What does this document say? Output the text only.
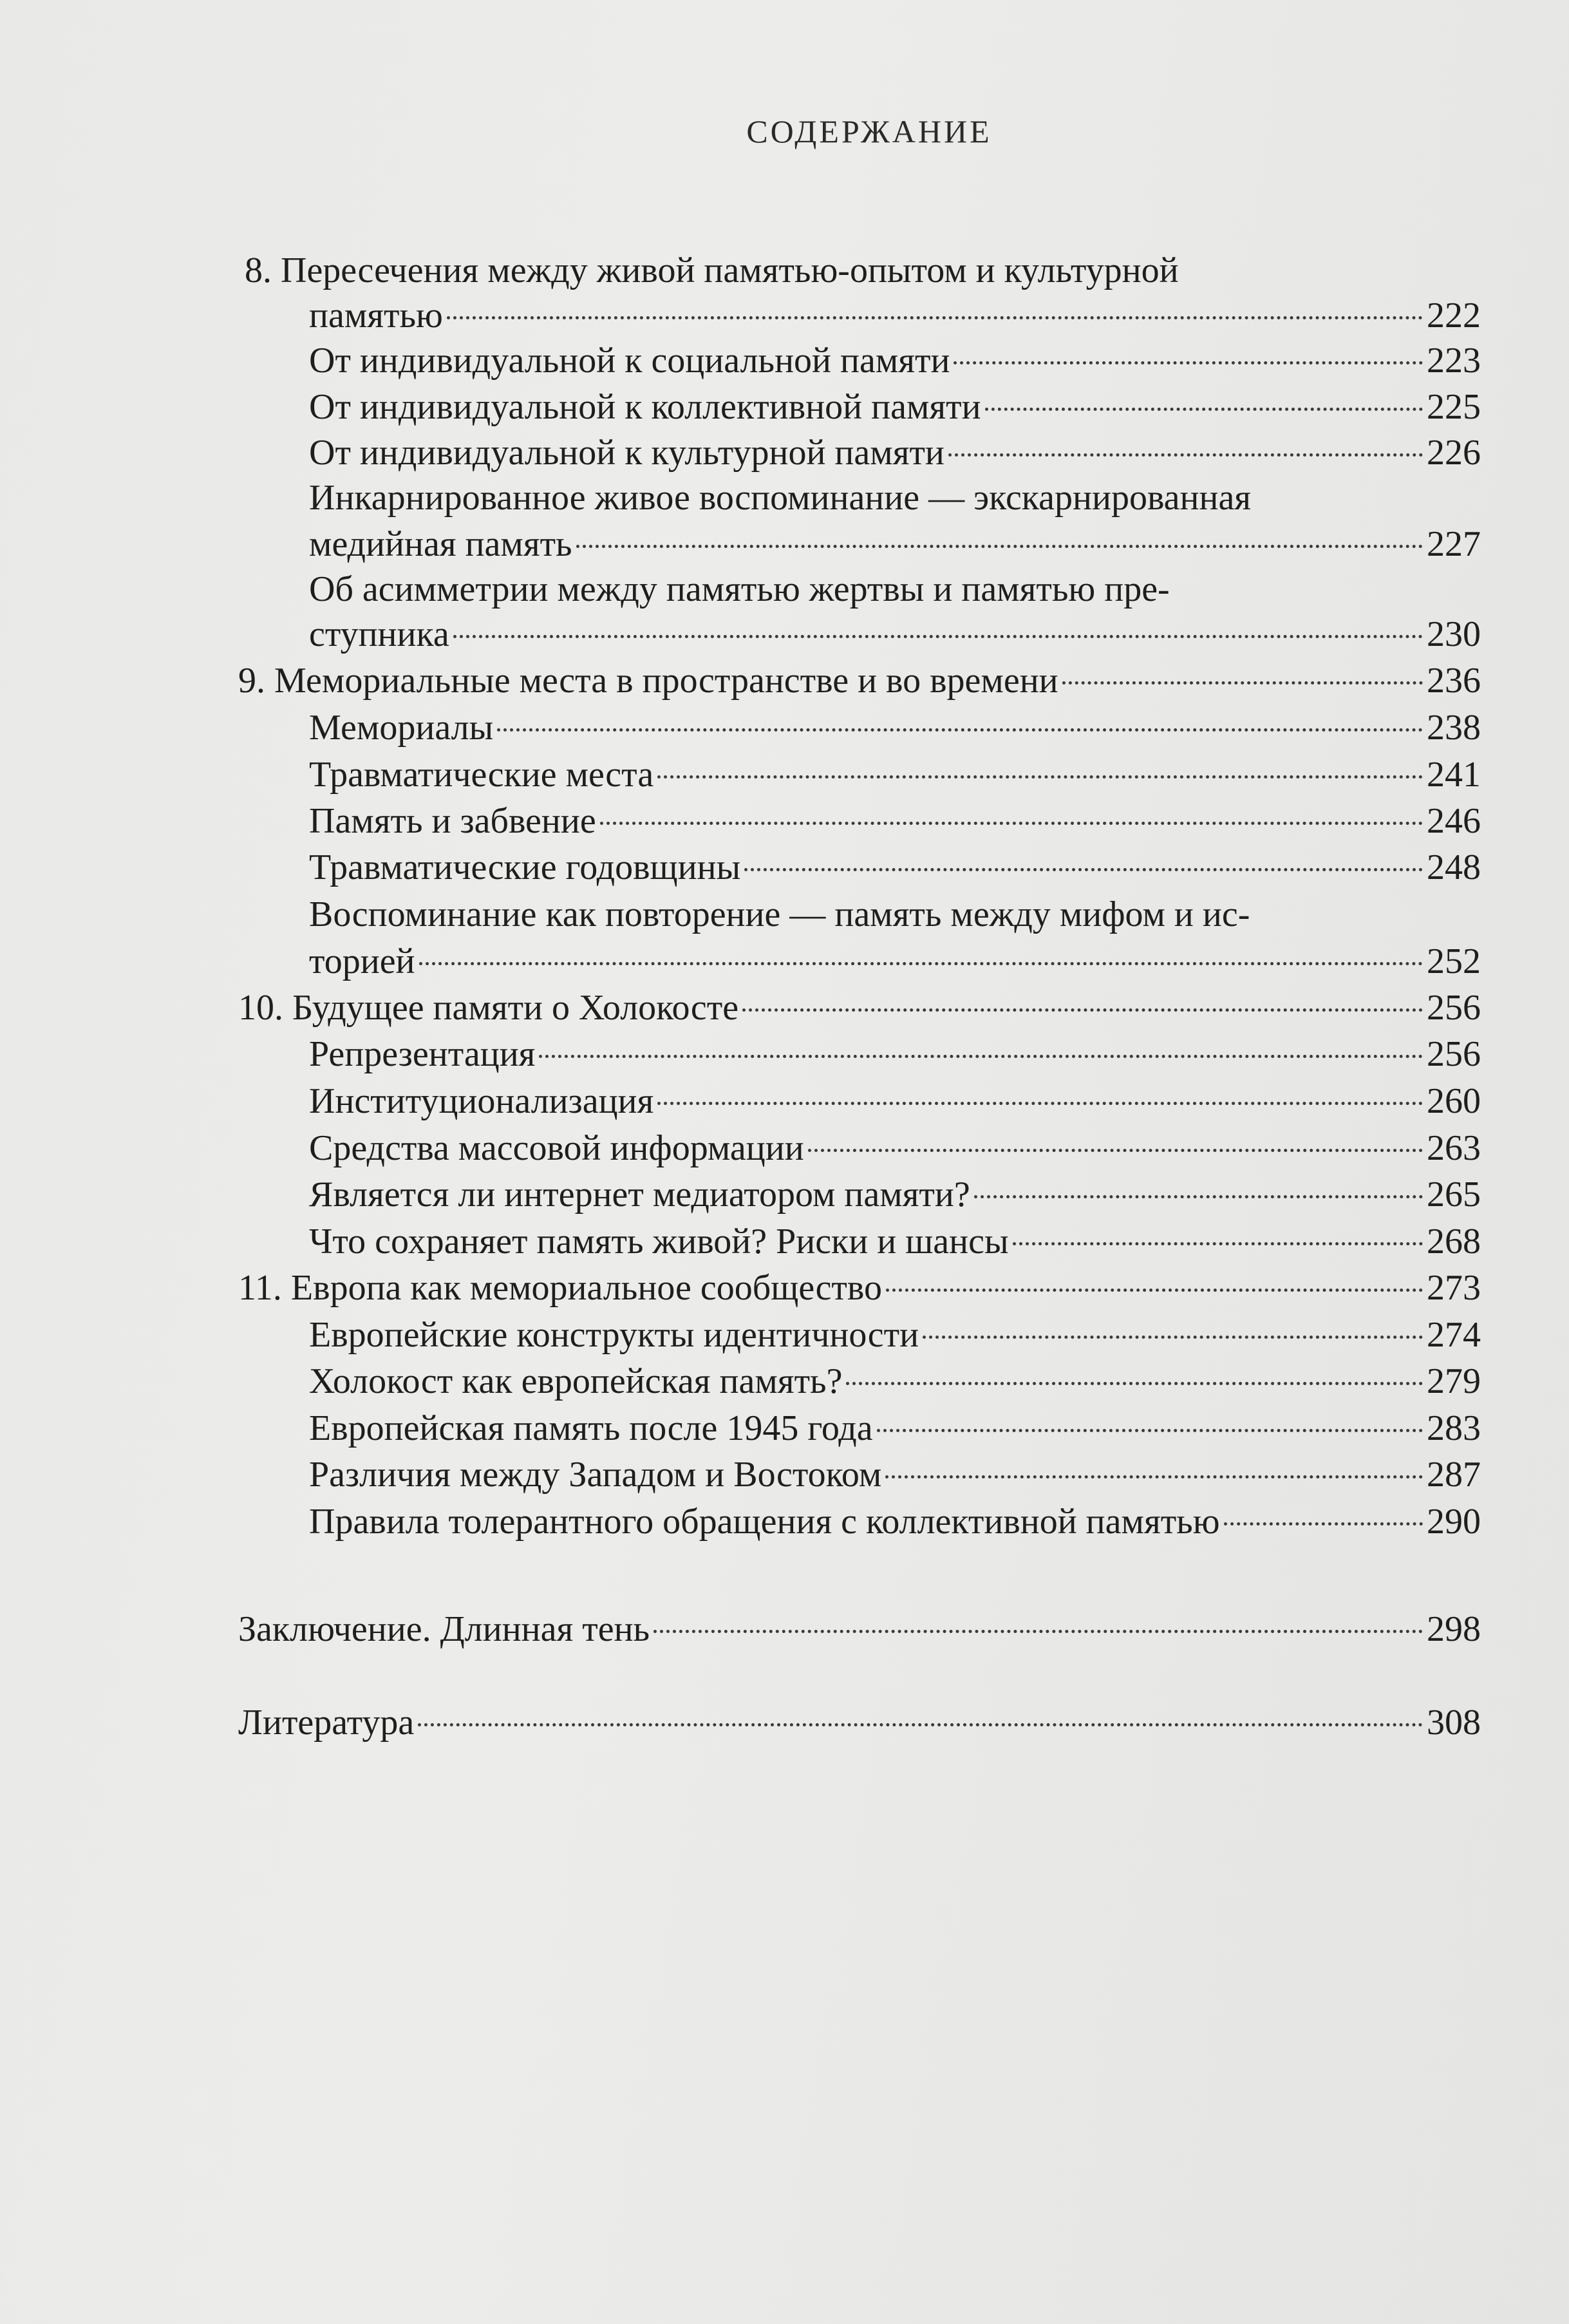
СОДЕРЖАНИЕ
8. Пересечения между живой памятью-опытом и культурной
памятью	222
От индивидуальной к социальной памяти	223
От индивидуальной к коллективной памяти	225
От индивидуальной к культурной памяти	226
Инкарнированное живое воспоминание — экскарнированная
медийная память	227
Об асимметрии между памятью жертвы и памятью пре-
ступника	230
9. Мемориальные места в пространстве и во времени	236
Мемориалы	238
Травматические места	241
Память и забвение	246
Травматические годовщины	248
Воспоминание как повторение — память между мифом и ис-
торией	252
10. Будущее памяти о Холокосте	256
Репрезентация	256
Институционализация	260
Средства массовой информации	263
Является ли интернет медиатором памяти?	265
Что сохраняет память живой? Риски и шансы	268
11. Европа как мемориальное сообщество	273
Европейские конструкты идентичности	274
Холокост как европейская память?	279
Европейская память после 1945 года	283
Различия между Западом и Востоком	287
Правила толерантного обращения с коллективной памятью	290
Заключение. Длинная тень	298
Литература	308
